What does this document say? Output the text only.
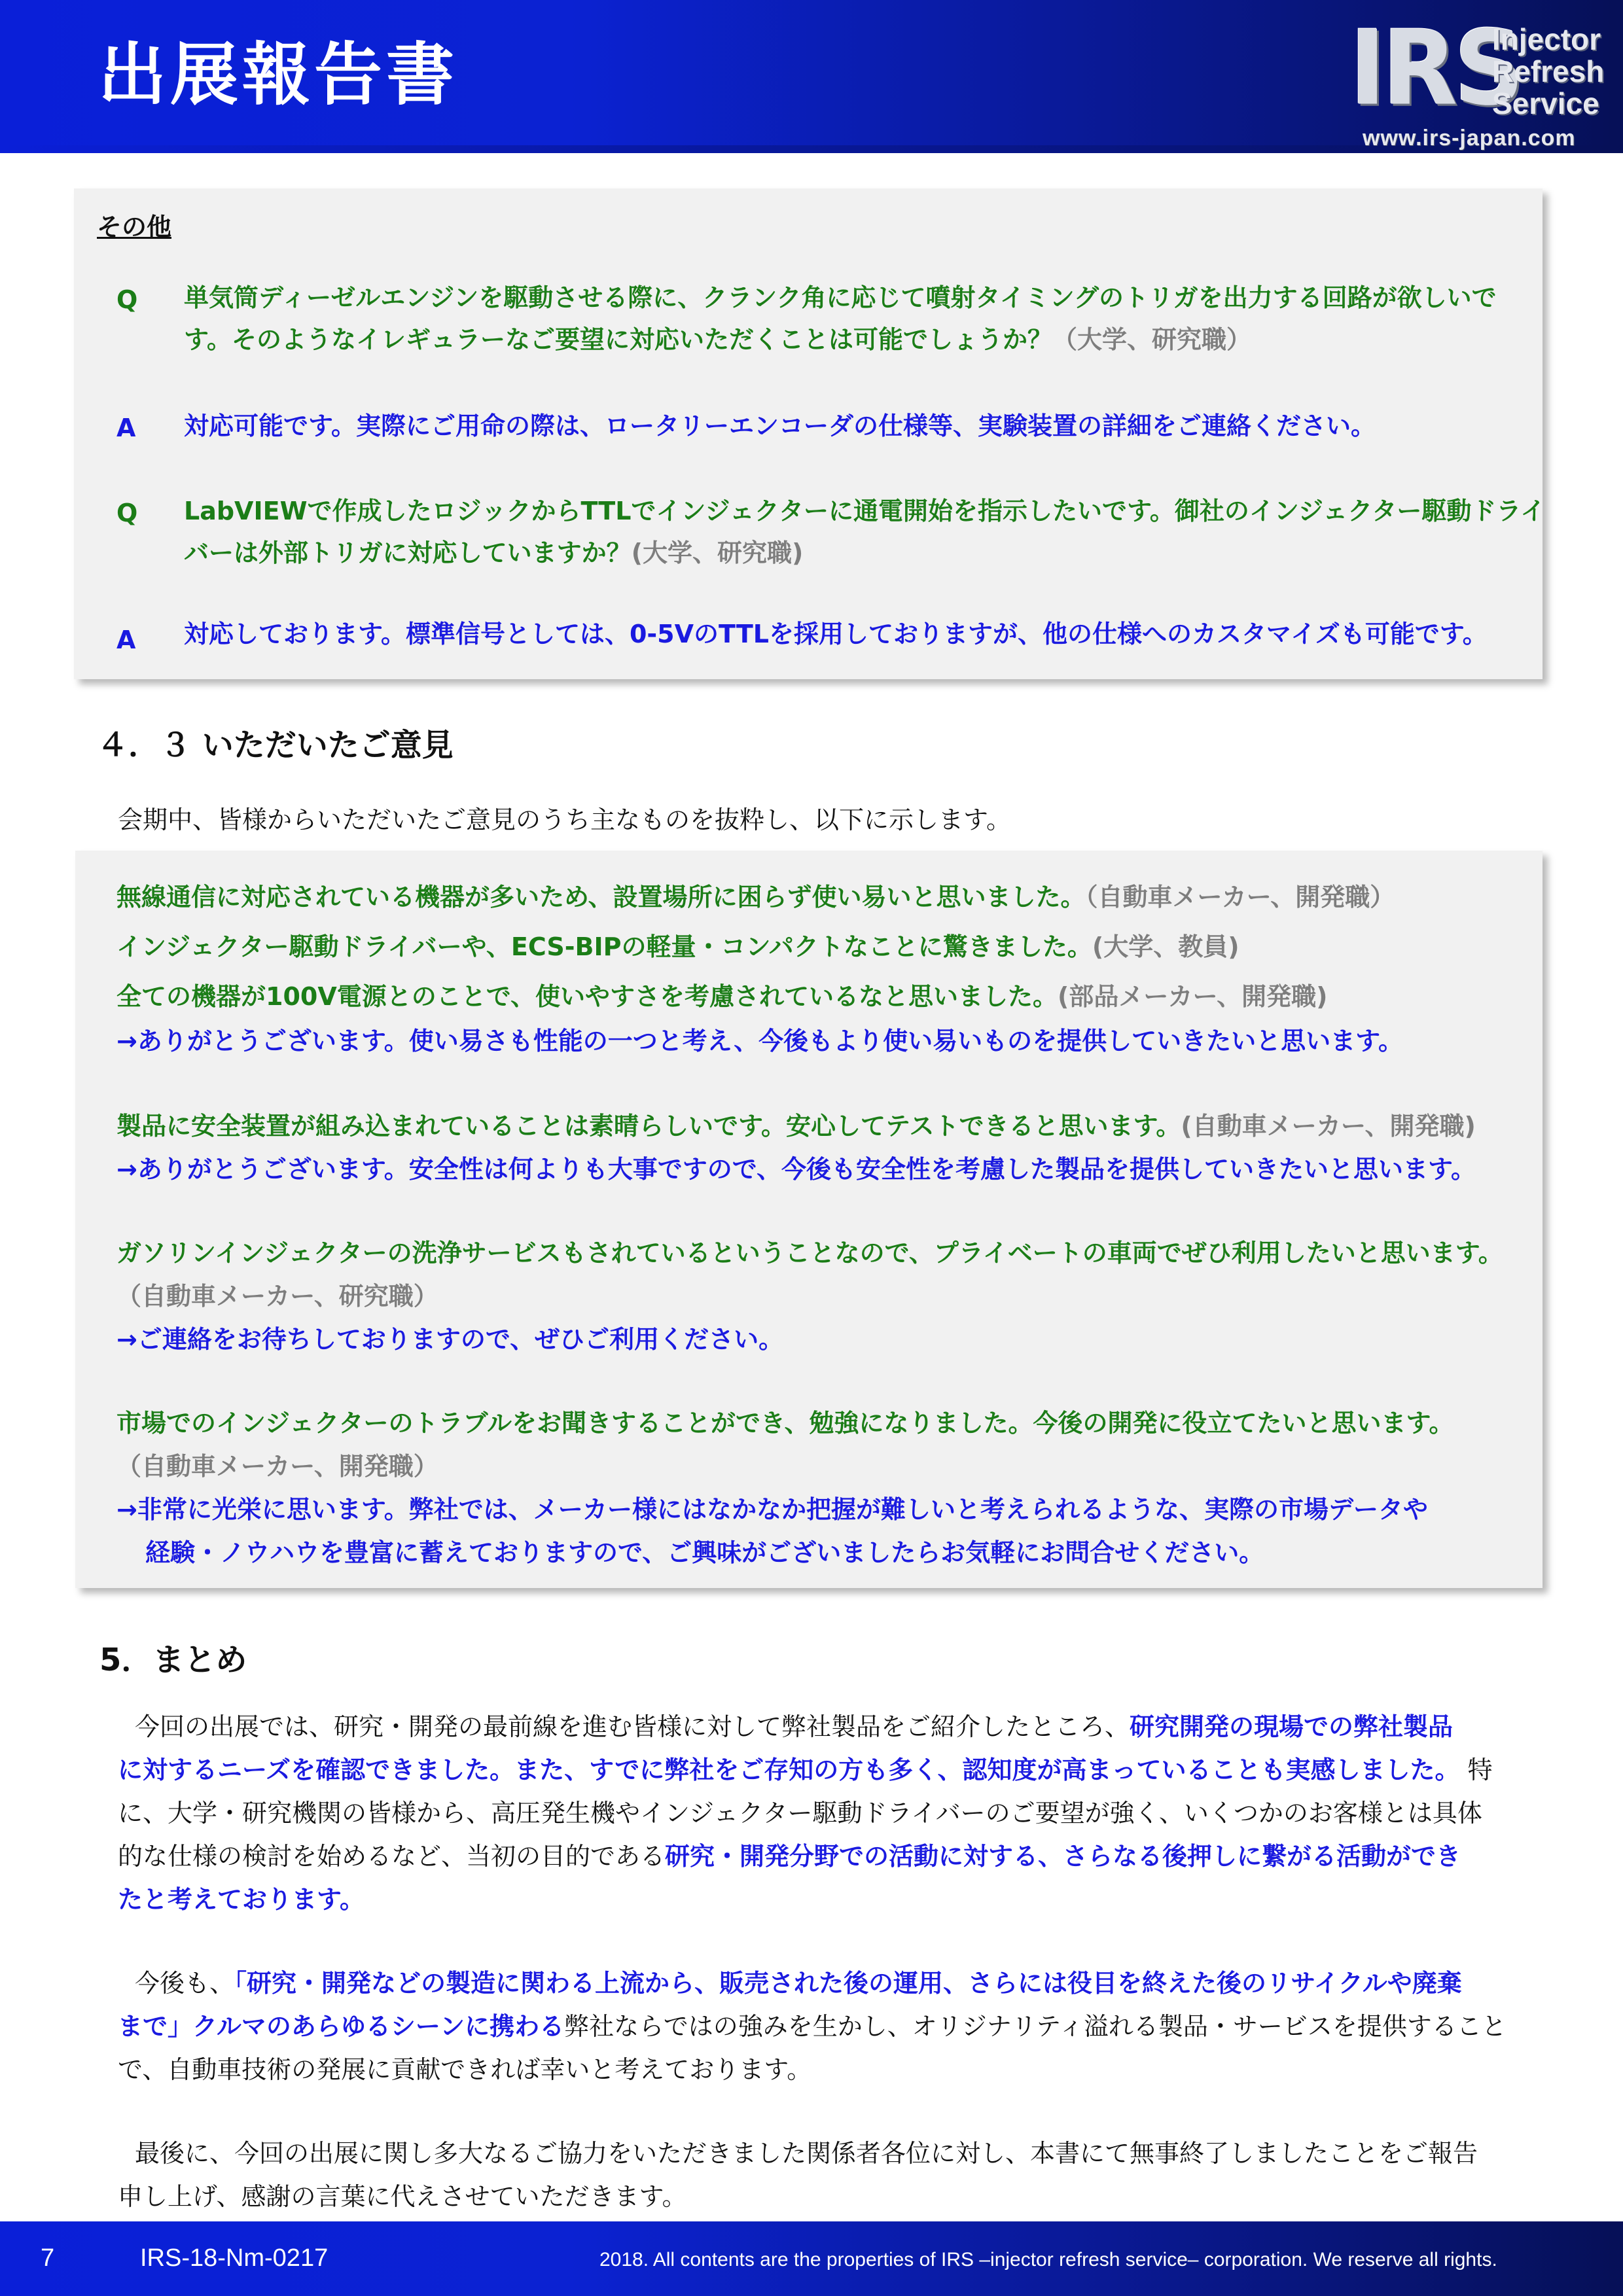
出展報告書	IRS
Injector
Refresh
Service
www.irs-japan.com
その他
Q 単気筒ディーゼルエンジンを駆動させる際に、クランク角に応じて噴射タイミングのトリガを出力する回路が欲しいで
す。そのようなイレギュラーなご要望に対応いただくことは可能でしょうか？（大学、研究職）
A 対応可能です。実際にご用命の際は、ロータリーエンコーダの仕様等、実験装置の詳細をご連絡ください。
Q LabVIEWで作成したロジックからTTLでインジェクターに通電開始を指示したいです。御社のインジェクター駆動ドライ
バーは外部トリガに対応していますか？(大学、研究職)
A 対応しております。標準信号としては、0-5VのTTLを採用しておりますが、他の仕様へのカスタマイズも可能です。
４．３ いただいたご意見
会期中、皆様からいただいたご意見のうち主なものを抜粋し、以下に示します。
無線通信に対応されている機器が多いため、設置場所に困らず使い易いと思いました。（自動車メーカー、開発職）
インジェクター駆動ドライバーや、ECS-BIPの軽量・コンパクトなことに驚きました。(大学、教員)
全ての機器が100V電源とのことで、使いやすさを考慮されているなと思いました。(部品メーカー、開発職)
→ありがとうございます。使い易さも性能の一つと考え、今後もより使い易いものを提供していきたいと思います。
製品に安全装置が組み込まれていることは素晴らしいです。安心してテストできると思います。(自動車メーカー、開発職)
→ありがとうございます。安全性は何よりも大事ですので、今後も安全性を考慮した製品を提供していきたいと思います。
ガソリンインジェクターの洗浄サービスもされているということなので、プライベートの車両でぜひ利用したいと思います。
（自動車メーカー、研究職）
→ご連絡をお待ちしておりますので、ぜひご利用ください。
市場でのインジェクターのトラブルをお聞きすることができ、勉強になりました。今後の開発に役立てたいと思います。
（自動車メーカー、開発職）
→非常に光栄に思います。弊社では、メーカー様にはなかなか把握が難しいと考えられるような、実際の市場データや
経験・ノウハウを豊富に蓄えておりますので、ご興味がございましたらお気軽にお問合せください。
5．まとめ
今回の出展では、研究・開発の最前線を進む皆様に対して弊社製品をご紹介したところ、研究開発の現場での弊社製品
に対するニーズを確認できました。また、すでに弊社をご存知の方も多く、認知度が高まっていることも実感しました。 特
に、大学・研究機関の皆様から、高圧発生機やインジェクター駆動ドライバーのご要望が強く、いくつかのお客様とは具体
的な仕様の検討を始めるなど、当初の目的である研究・開発分野での活動に対する、さらなる後押しに繋がる活動ができ
たと考えております。
今後も、「研究・開発などの製造に関わる上流から、販売された後の運用、さらには役目を終えた後のリサイクルや廃棄
まで」クルマのあらゆるシーンに携わる弊社ならではの強みを生かし、オリジナリティ溢れる製品・サービスを提供すること
で、自動車技術の発展に貢献できれば幸いと考えております。
最後に、今回の出展に関し多大なるご協力をいただきました関係者各位に対し、本書にて無事終了しましたことをご報告
申し上げ、感謝の言葉に代えさせていただきます。
7	IRS-18-Nm-0217	2018. All contents are the properties of IRS –injector refresh service– corporation. We reserve all rights.
